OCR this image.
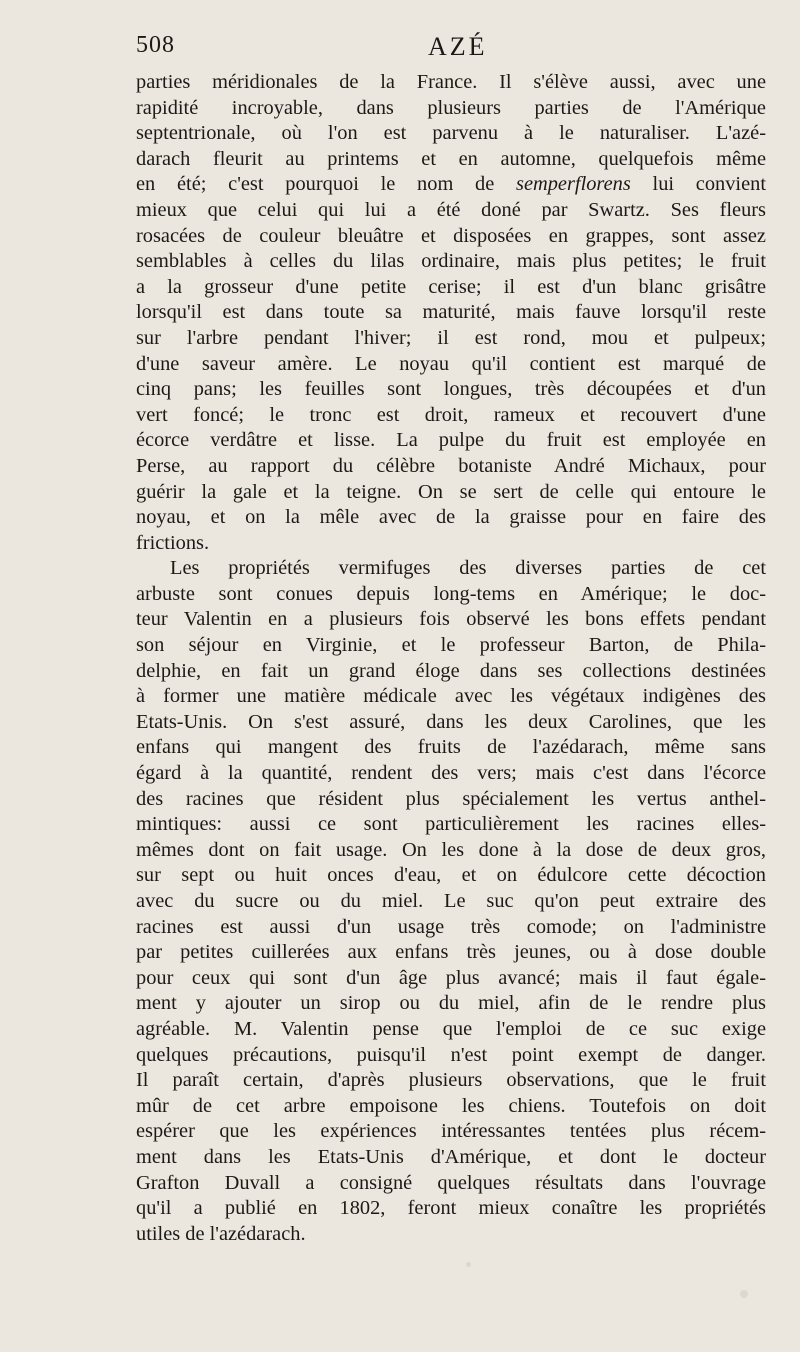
508	AZÉ
parties méridionales de la France. Il s'élève aussi, avec une
rapidité incroyable, dans plusieurs parties de l'Amérique
septentrionale, où l'on est parvenu à le naturaliser. L'azé-
darach fleurit au printems et en automne, quelquefois même
en été; c'est pourquoi le nom de semperflorens lui convient
mieux que celui qui lui a été doné par Swartz. Ses fleurs
rosacées de couleur bleuâtre et disposées en grappes, sont assez
semblables à celles du lilas ordinaire, mais plus petites; le fruit
a la grosseur d'une petite cerise; il est d'un blanc grisâtre
lorsqu'il est dans toute sa maturité, mais fauve lorsqu'il reste
sur l'arbre pendant l'hiver; il est rond, mou et pulpeux;
d'une saveur amère. Le noyau qu'il contient est marqué de
cinq pans; les feuilles sont longues, très découpées et d'un
vert foncé; le tronc est droit, rameux et recouvert d'une
écorce verdâtre et lisse. La pulpe du fruit est employée en
Perse, au rapport du célèbre botaniste André Michaux, pour
guérir la gale et la teigne. On se sert de celle qui entoure le
noyau, et on la mêle avec de la graisse pour en faire des
frictions.
Les propriétés vermifuges des diverses parties de cet
arbuste sont conues depuis long-tems en Amérique; le doc-
teur Valentin en a plusieurs fois observé les bons effets pendant
son séjour en Virginie, et le professeur Barton, de Phila-
delphie, en fait un grand éloge dans ses collections destinées
à former une matière médicale avec les végétaux indigènes des
Etats-Unis. On s'est assuré, dans les deux Carolines, que les
enfans qui mangent des fruits de l'azédarach, même sans
égard à la quantité, rendent des vers; mais c'est dans l'écorce
des racines que résident plus spécialement les vertus anthel-
mintiques: aussi ce sont particulièrement les racines elles-
mêmes dont on fait usage. On les done à la dose de deux gros,
sur sept ou huit onces d'eau, et on édulcore cette décoction
avec du sucre ou du miel. Le suc qu'on peut extraire des
racines est aussi d'un usage très comode; on l'administre
par petites cuillerées aux enfans très jeunes, ou à dose double
pour ceux qui sont d'un âge plus avancé; mais il faut égale-
ment y ajouter un sirop ou du miel, afin de le rendre plus
agréable. M. Valentin pense que l'emploi de ce suc exige
quelques précautions, puisqu'il n'est point exempt de danger.
Il paraît certain, d'après plusieurs observations, que le fruit
mûr de cet arbre empoisone les chiens. Toutefois on doit
espérer que les expériences intéressantes tentées plus récem-
ment dans les Etats-Unis d'Amérique, et dont le docteur
Grafton Duvall a consigné quelques résultats dans l'ouvrage
qu'il a publié en 1802, feront mieux conaître les propriétés
utiles de l'azédarach.
